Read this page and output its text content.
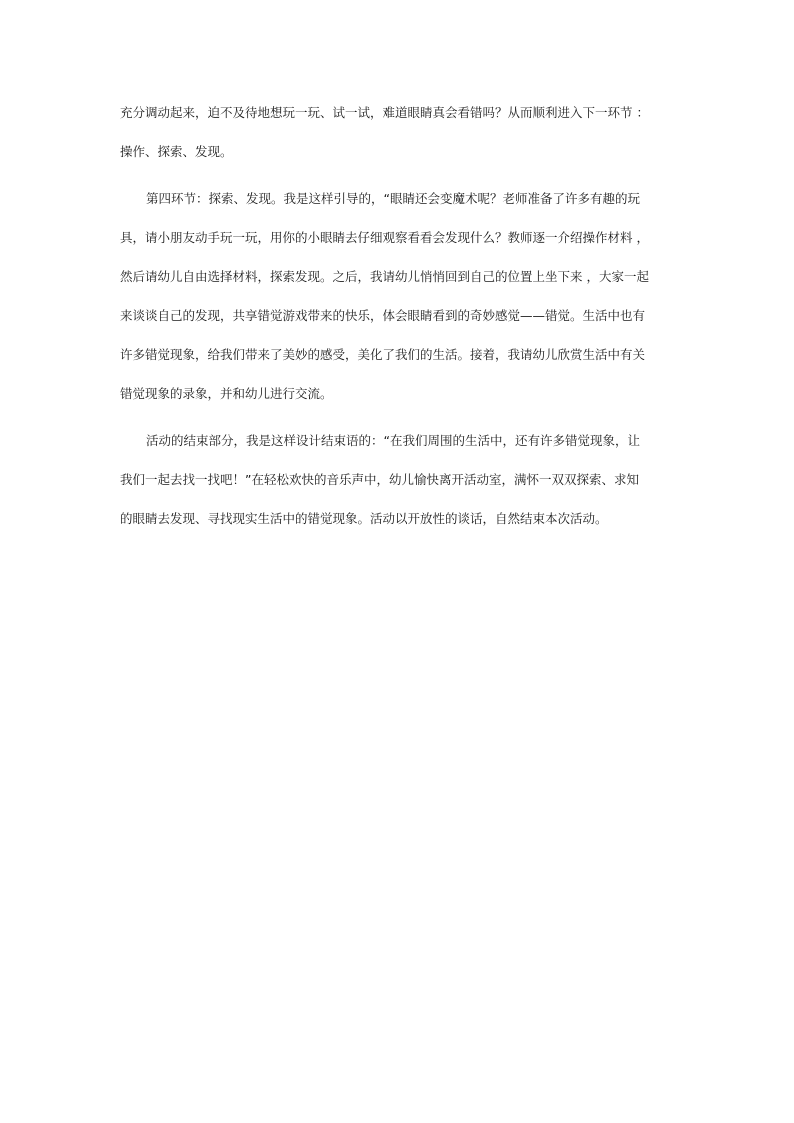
充分调动起来，迫不及待地想玩一玩、试一试，难道眼睛真会看错吗？从而顺利进入下一环节 ：
操作、探索、发现。
第四环节：探索、发现。我是这样引导的，“眼睛还会变魔术呢？老师准备了许多有趣的玩
具，请小朋友动手玩一玩，用你的小眼睛去仔细观察看看会发现什么？教师逐一介绍操作材料 ，
然后请幼儿自由选择材料，探索发现。之后，我请幼儿悄悄回到自己的位置上坐下来 ，大家一起
来谈谈自己的发现，共享错觉游戏带来的快乐，体会眼睛看到的奇妙感觉——错觉。生活中也有
许多错觉现象，给我们带来了美妙的感受，美化了我们的生活。接着，我请幼儿欣赏生活中有关
错觉现象的录象，并和幼儿进行交流。
活动的结束部分，我是这样设计结束语的：“在我们周围的生活中，还有许多错觉现象，让
我们一起去找一找吧！”在轻松欢快的音乐声中，幼儿愉快离开活动室，满怀一双双探索、求知
的眼睛去发现、寻找现实生活中的错觉现象。活动以开放性的谈话，自然结束本次活动。
